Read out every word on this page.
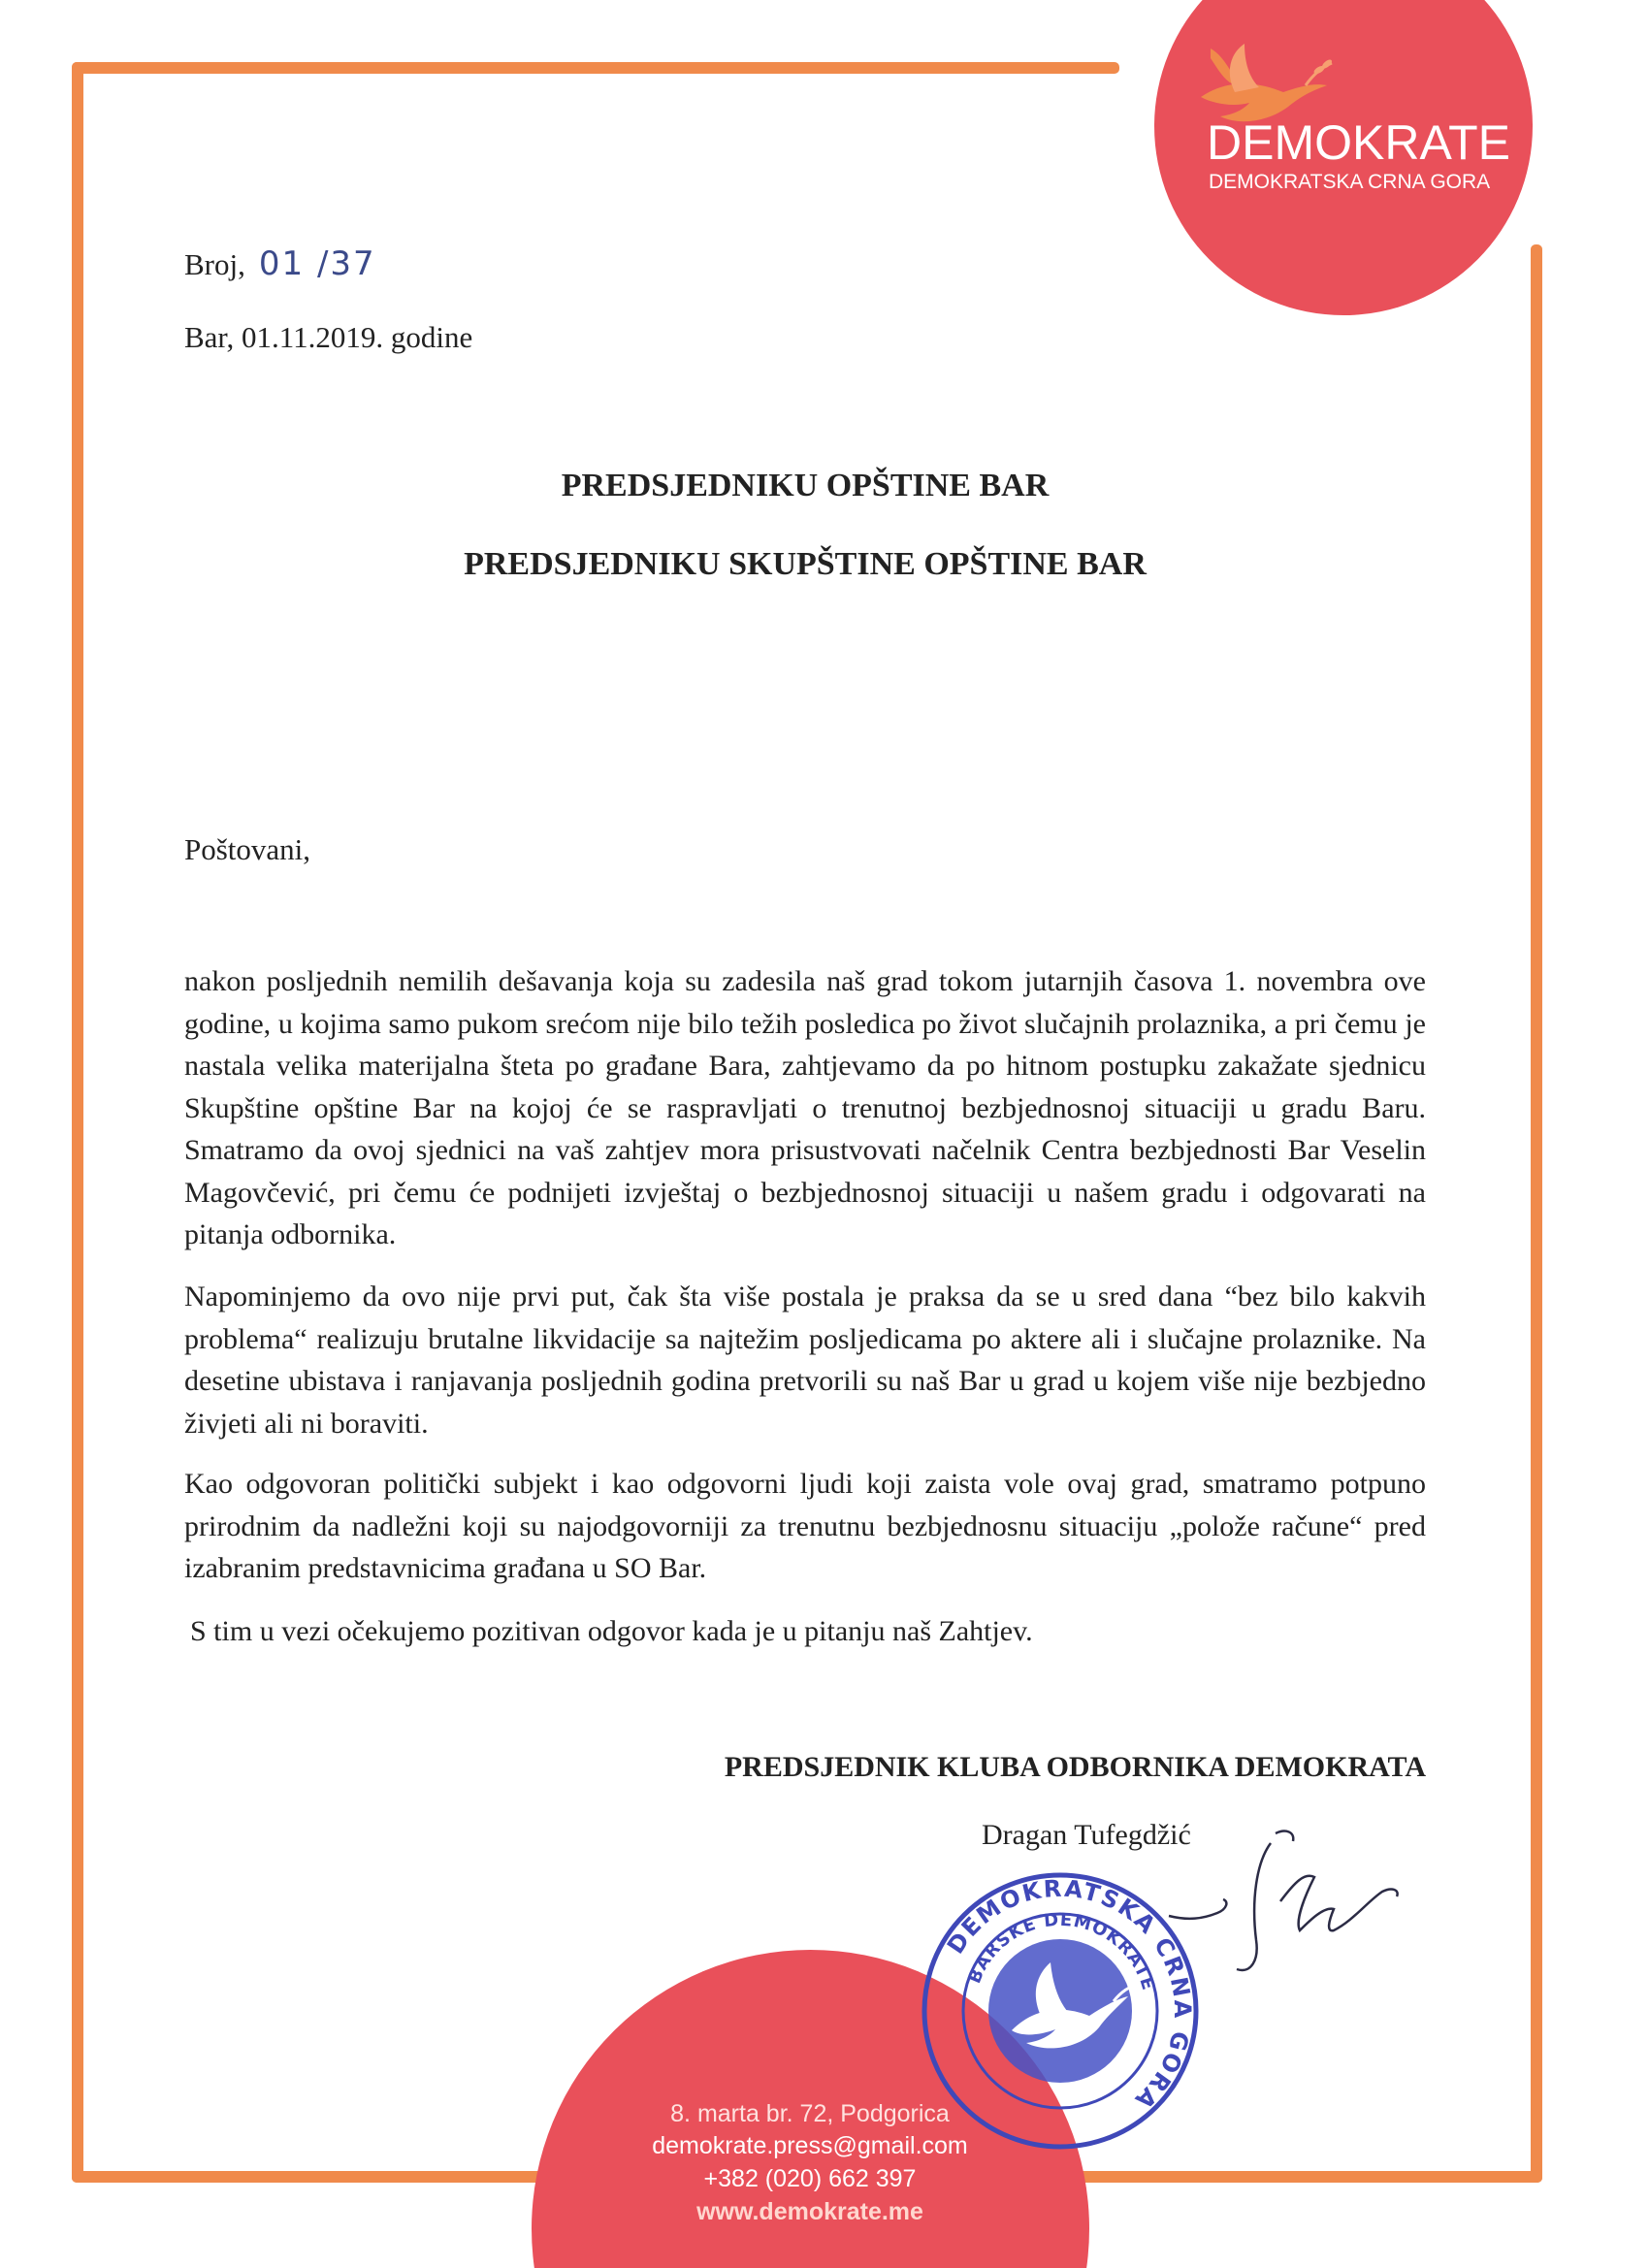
DEMOKRATE
DEMOKRATSKA CRNA GORA
Broj, 01 /37
Bar, 01.11.2019. godine
PREDSJEDNIKU OPŠTINE BAR
PREDSJEDNIKU SKUPŠTINE OPŠTINE BAR
Poštovani,
nakon posljednih nemilih dešavanja koja su zadesila naš grad tokom jutarnjih časova 1. novembra ove godine, u kojima samo pukom srećom nije bilo težih posledica po život slučajnih prolaznika, a pri čemu je nastala velika materijalna šteta po građane Bara, zahtjevamo da po hitnom postupku zakažate sjednicu Skupštine opštine Bar na kojoj će se raspravljati o trenutnoj bezbjednosnoj situaciji u gradu Baru. Smatramo da ovoj sjednici na vaš zahtjev mora prisustvovati načelnik Centra bezbjednosti Bar Veselin Magovčević, pri čemu će podnijeti izvještaj o bezbjednosnoj situaciji u našem gradu i odgovarati na pitanja odbornika.
Napominjemo da ovo nije prvi put, čak šta više postala je praksa da se u sred dana “bez bilo kakvih problema“ realizuju brutalne likvidacije sa najtežim posljedicama po aktere ali i slučajne prolaznike. Na desetine ubistava i ranjavanja posljednih godina pretvorili su naš Bar u grad u kojem više nije bezbjedno živjeti ali ni boraviti.
Kao odgovoran politički subjekt i kao odgovorni ljudi koji zaista vole ovaj grad, smatramo potpuno prirodnim da nadležni koji su najodgovorniji za trenutnu bezbjednosnu situaciju „polože račune“ pred izabranim predstavnicima građana u SO Bar.
S tim u vezi očekujemo pozitivan odgovor kada je u pitanju naš Zahtjev.
PREDSJEDNIK KLUBA ODBORNIKA DEMOKRATA
Dragan Tufegdžić
8. marta br. 72, Podgorica
demokrate.press@gmail.com
+382 (020) 662 397
www.demokrate.me
DEMOKRATSKA CRNA GORA
BARSKE DEMOKRATE
